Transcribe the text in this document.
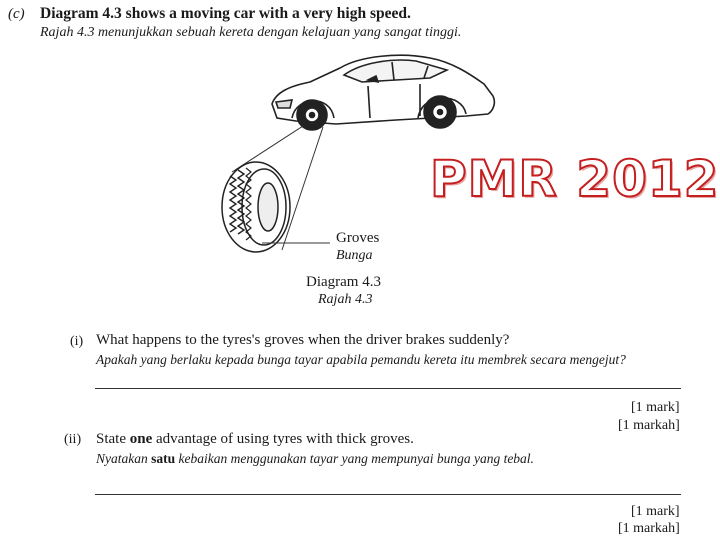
(c) Diagram 4.3 shows a moving car with a very high speed.
Rajah 4.3 menunjukkan sebuah kereta dengan kelajuan yang sangat tinggi.
PMR 2012
Groves
Bunga
Diagram 4.3
Rajah 4.3
(i) What happens to the tyres's groves when the driver brakes suddenly?
Apakah yang berlaku kepada bunga tayar apabila pemandu kereta itu membrek secara mengejut?
[1 mark]
[1 markah]
(ii) State one advantage of using tyres with thick groves.
Nyatakan satu kebaikan menggunakan tayar yang mempunyai bunga yang tebal.
[1 mark]
[1 markah]
